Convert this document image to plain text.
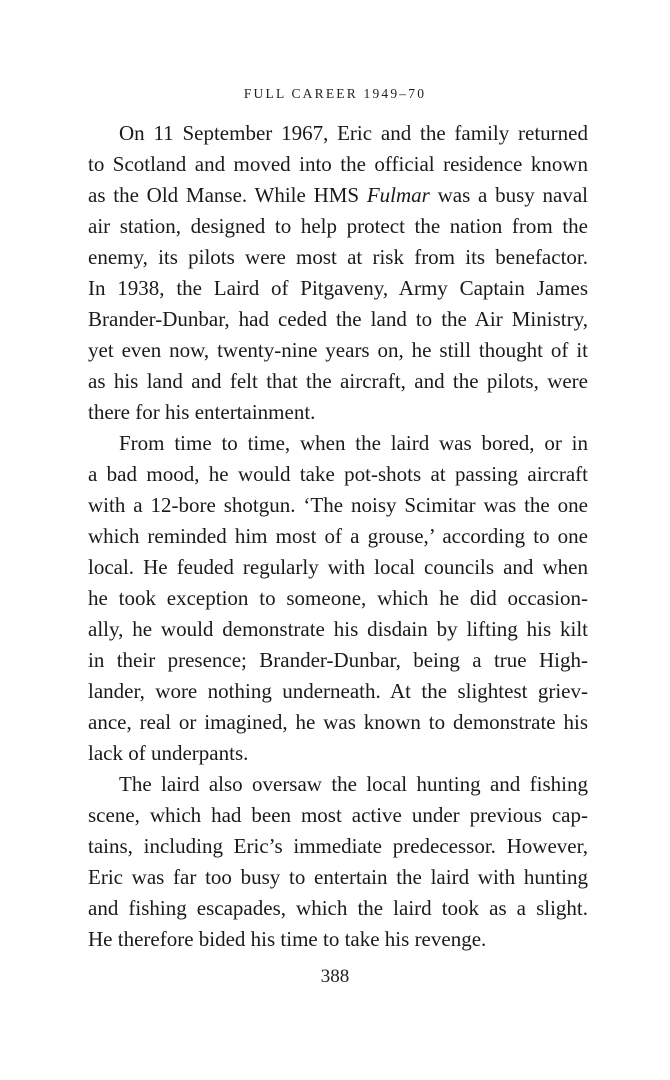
FULL CAREER 1949–70

On 11 September 1967, Eric and the family returned
to Scotland and moved into the official residence known
as the Old Manse. While HMS Fulmar was a busy naval
air station, designed to help protect the nation from the
enemy, its pilots were most at risk from its benefactor.
In 1938, the Laird of Pitgaveny, Army Captain James
Brander-Dunbar, had ceded the land to the Air Ministry,
yet even now, twenty-nine years on, he still thought of it
as his land and felt that the aircraft, and the pilots, were
there for his entertainment.

From time to time, when the laird was bored, or in
a bad mood, he would take pot-shots at passing aircraft
with a 12-bore shotgun. ‘The noisy Scimitar was the one
which reminded him most of a grouse,’ according to one
local. He feuded regularly with local councils and when
he took exception to someone, which he did occasion-
ally, he would demonstrate his disdain by lifting his kilt
in their presence; Brander-Dunbar, being a true High-
lander, wore nothing underneath. At the slightest griev-
ance, real or imagined, he was known to demonstrate his
lack of underpants.

The laird also oversaw the local hunting and fishing
scene, which had been most active under previous cap-
tains, including Eric’s immediate predecessor. However,
Eric was far too busy to entertain the laird with hunting
and fishing escapades, which the laird took as a slight.
He therefore bided his time to take his revenge.

388
